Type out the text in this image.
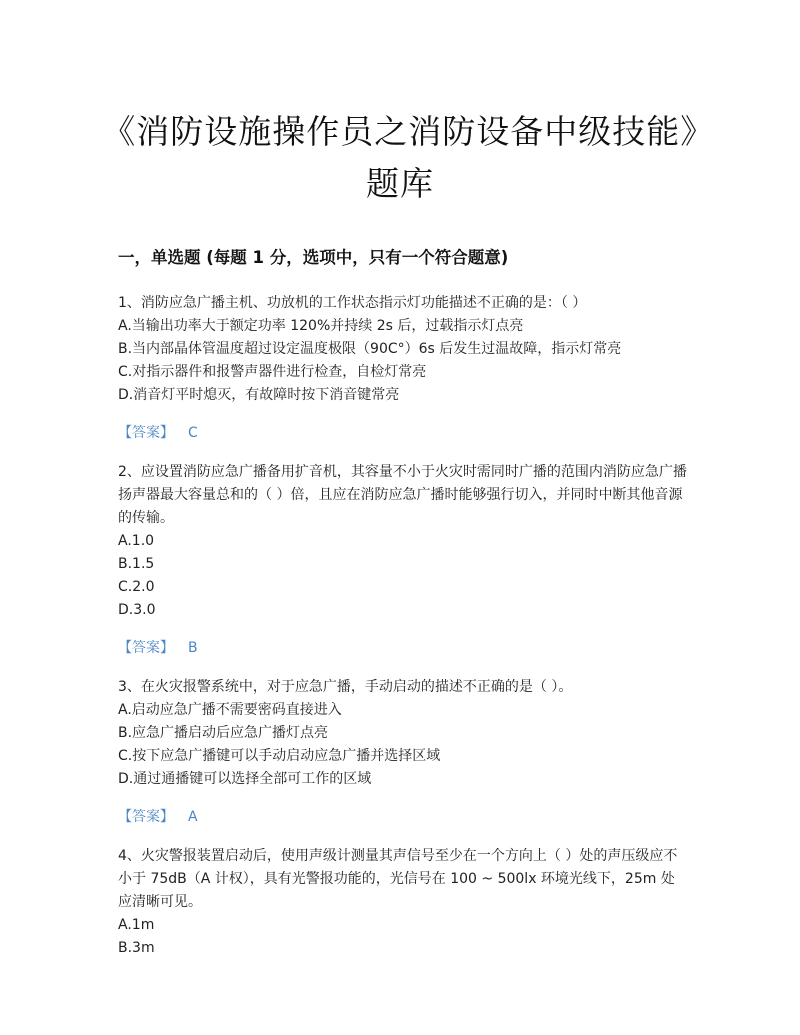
《消防设施操作员之消防设备中级技能》题库
一，单选题 (每题 1 分，选项中，只有一个符合题意)

1、消防应急广播主机、功放机的工作状态指示灯功能描述不正确的是：（ ）

A.当输出功率大于额定功率 120%并持续 2s 后，过载指示灯点亮

B.当内部晶体管温度超过设定温度极限（90C°）6s 后发生过温故障，指示灯常亮

C.对指示器件和报警声器件进行检查，自检灯常亮

D.消音灯平时熄灭，有故障时按下消音键常亮

【答案】 C

2、应设置消防应急广播备用扩音机，其容量不小于火灾时需同时广播的范围内消防应急广播扬声器最大容量总和的（ ）倍，且应在消防应急广播时能够强行切入，并同时中断其他音源的传输。

A.1.0

B.1.5

C.2.0

D.3.0

【答案】 B

3、在火灾报警系统中，对于应急广播，手动启动的描述不正确的是（ ）。

A.启动应急广播不需要密码直接进入

B.应急广播启动后应急广播灯点亮

C.按下应急广播键可以手动启动应急广播并选择区域

D.通过通播键可以选择全部可工作的区域

【答案】 A

4、火灾警报装置启动后，使用声级计测量其声信号至少在一个方向上（ ）处的声压级应不小于 75dB（A 计权），具有光警报功能的，光信号在 100 ~ 500lx 环境光线下，25m 处应清晰可见。

A.1m

B.3m
